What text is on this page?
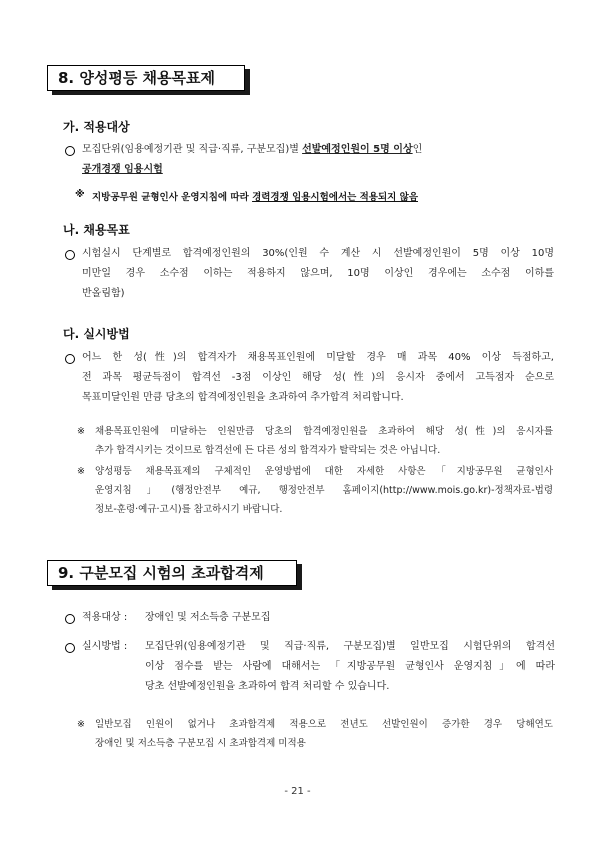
8. 양성평등 채용목표제
가. 적용대상
모집단위(임용예정기관 및 직급·직류, 구분모집)별 선발예정인원이 5명 이상인
공개경쟁 임용시험
※ 지방공무원 균형인사 운영지침에 따라 경력경쟁 임용시험에서는 적용되지 않음
나. 채용목표
시험실시 단계별로 합격예정인원의 30%(인원 수 계산 시 선발예정인원이 5명 이상 10명
미만일 경우 소수점 이하는 적용하지 않으며, 10명 이상인 경우에는 소수점 이하를
반올림함)
다. 실시방법
어느 한 성(性)의 합격자가 채용목표인원에 미달할 경우 매 과목 40% 이상 득점하고,
전 과목 평균득점이 합격선 -3점 이상인 해당 성(性)의 응시자 중에서 고득점자 순으로
목표미달인원 만큼 당초의 합격예정인원을 초과하여 추가합격 처리합니다.
※ 채용목표인원에 미달하는 인원만큼 당초의 합격예정인원을 초과하여 해당 성(性)의 응시자를
추가 합격시키는 것이므로 합격선에 든 다른 성의 합격자가 탈락되는 것은 아닙니다.
※ 양성평등 채용목표제의 구체적인 운영방법에 대한 자세한 사항은「지방공무원 균형인사
운영지침」(행정안전부 예규, 행정안전부 홈페이지(http://www.mois.go.kr)-정책자료-법령
정보-훈령·예규·고시)를 참고하시기 바랍니다.
9. 구분모집 시험의 초과합격제
적용대상 : 장애인 및 저소득층 구분모집
실시방법 : 모집단위(임용예정기관 및 직급·직류, 구분모집)별 일반모집 시험단위의 합격선
이상 점수를 받는 사람에 대해서는 「지방공무원 균형인사 운영지침」에 따라
당초 선발예정인원을 초과하여 합격 처리할 수 있습니다.
※ 일반모집 인원이 없거나 초과합격제 적용으로 전년도 선발인원이 증가한 경우 당해연도
장애인 및 저소득층 구분모집 시 초과합격제 미적용
- 21 -
